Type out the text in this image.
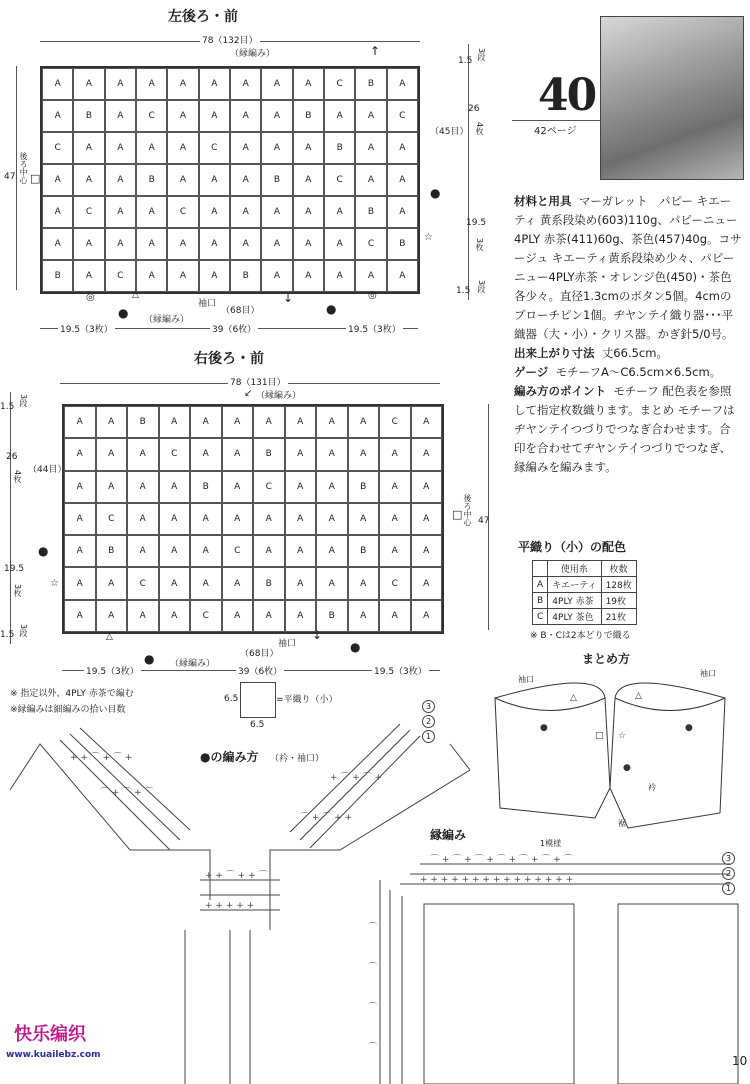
左後ろ・前
78（132目）
（縁編み）	↑
A	A	A	A	A	A	A	A	A	C	B	A
A	B	A	C	A	A	A	A	B	A	A	C
C	A	A	A	A	C	A	A	A	B	A	A
A	A	A	B	A	A	A	B	A	C	A	A
A	C	A	A	C	A	A	A	A	A	B	A
A	A	A	A	A	A	A	A	A	A	C	B
B	A	C	A	A	A	B	A	A	A	A	A
（45目）
47 後ろ中心 □
1.5 3段
26
4枚
19.5
3枚
1.5 3段
●
☆
◎	◎
△
袖口	↓
（68目）
（縁編み）
●	●
19.5（3枚）	39（6枚）	19.5（3枚）
右後ろ・前
78（131目）
（縁編み）
↙
A	A	B	A	A	A	A	A	A	A	C	A
A	A	A	C	A	A	B	A	A	A	A	A
A	A	A	A	B	A	C	A	A	B	A	A
A	C	A	A	A	A	A	A	A	A	A	A
A	B	A	A	A	C	A	A	A	B	A	A
A	A	C	A	A	A	B	A	A	A	C	A
A	A	A	A	C	A	A	A	B	A	A	A
1.5 3段
26
4枚 （44目）
19.5
3枚
1.5 3段
●
☆
47
□ 後ろ中心
△
袖口
↓
（68目）
（縁編み）
●
●
19.5（3枚）	39（6枚）	19.5（3枚）
※ 指定以外、4PLY 赤茶で編む
※縁編みは細編みの拾い目数
6.5
6.5
=平織り（小）
●の編み方 （衿・袖口）
+ + ⌒ + ⌒ +
⌒ + ⌒ + ⌒
+ ⌒ + ⌒ +
⌒ + ⌒ + +
+ + ⌒ + + ⌒
+ + + + +
40
42ページ

材料と用具 マーガレット　パピー キエーティ 黄系段染め(603)110g、パピーニュー4PLY 赤茶(411)60g、茶色(457)40g。コサージュ キエーティ黄系段染め少々、パピーニュー4PLY赤茶・オレンジ色(450)・茶色各少々。直径1.3cmのボタン5個。4cmのブローチピン1個。ヂヤンテイ織り器･･･平織器（大・小）・クリス器。かぎ針5/0号。

出来上がり寸法 丈66.5cm。

ゲージ モチーフA～C6.5cm×6.5cm。

編み方のポイント モチーフ 配色表を参照して指定枚数織ります。まとめ モチーフはヂヤンテイつづりでつなぎ合わせます。合印を合わせてヂヤンテイつづりでつなぎ、縁編みを編みます。

平織り（小）の配色
	使用糸	枚数
A	キエーティ	128枚
B	4PLY 赤茶	19枚
C	4PLY 茶色	21枚
※ B・Cは2本どりで織る
まとめ方
△	△
●	●
□ ☆
●
袖口
袖口
衿
裾
縁編み
1模様
⌒ + ⌒ + ⌒ + ⌒ + ⌒ + ⌒ + ⌒
+ + + + + + + + + + + + + + +
⌒
⌒
⌒
⌒
3
2
1
3
2
1
快乐编织
www.kuailebz.com	10
